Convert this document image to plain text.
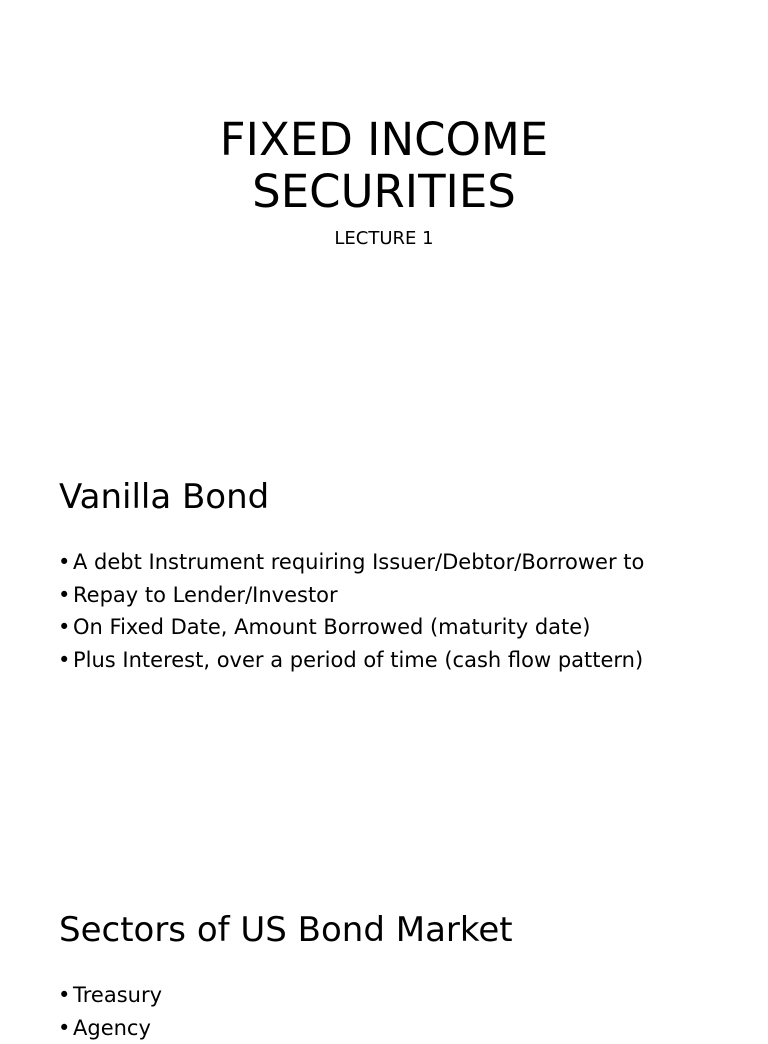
FIXED INCOME
SECURITIES

LECTURE 1

Vanilla Bond
• A debt Instrument requiring Issuer/Debtor/Borrower to
• Repay to Lender/Investor
• On Fixed Date, Amount Borrowed (maturity date)
• Plus Interest, over a period of time (cash flow pattern)
Sectors of US Bond Market
• Treasury
• Agency
